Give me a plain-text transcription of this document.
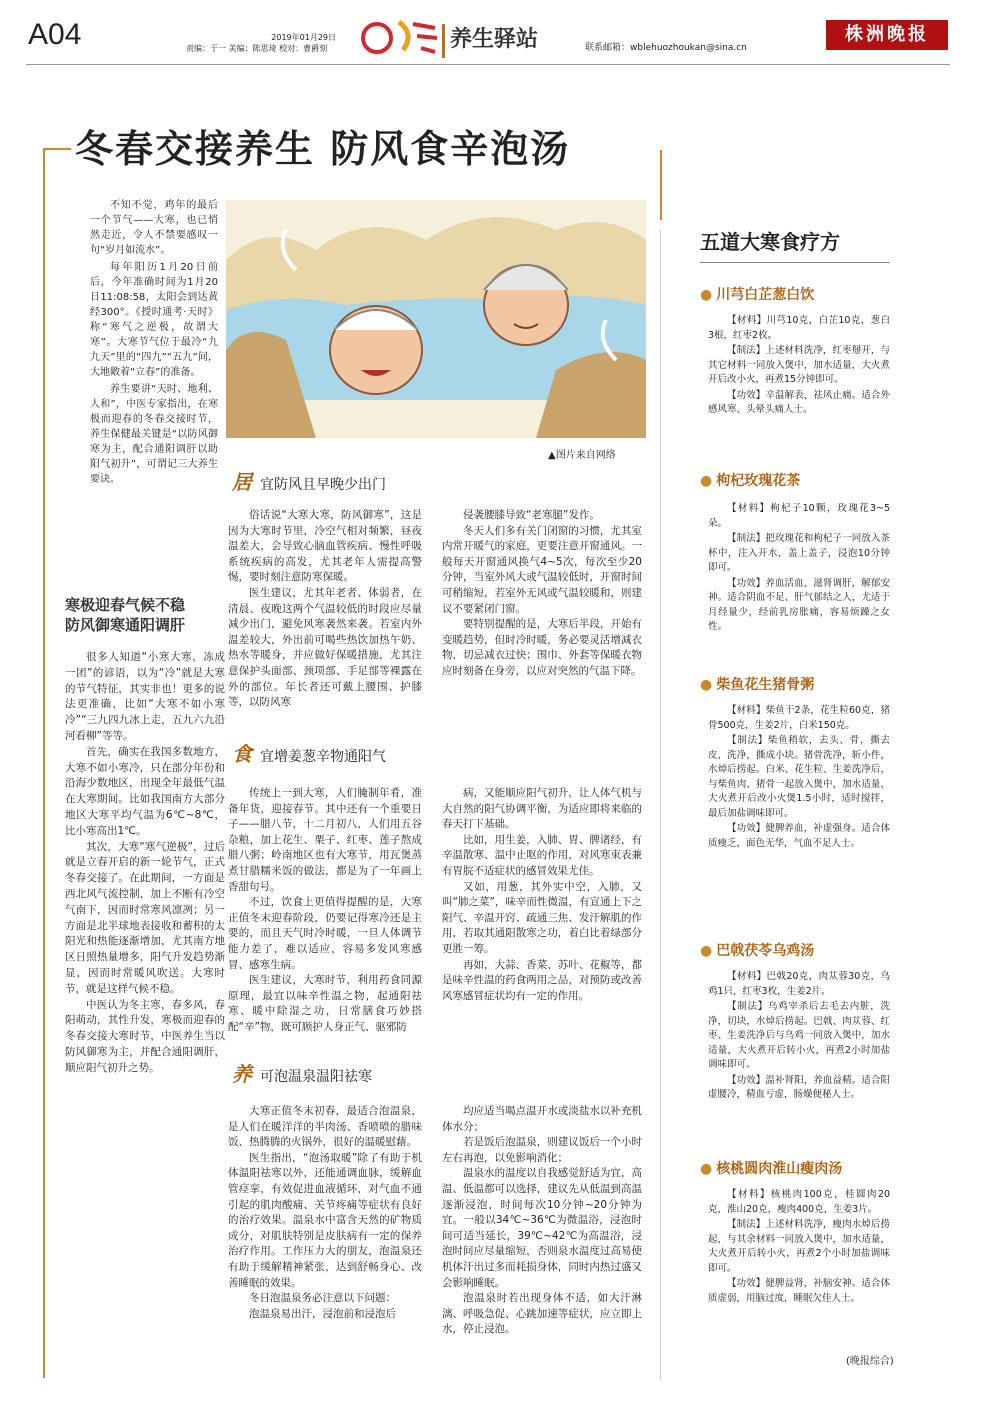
A04	2019年01月29日
责编：于一 美编：陈思琦 校对：曹爵刻
乐活
养生驿站	联系邮箱：wblehuozhoukan@sina.cn
株洲晚报
冬春交接养生 防风食辛泡汤

不知不觉，鸡年的最后一个节气——大寒，也已悄然走近，令人不禁要感叹一句“岁月如流水”。

每年阳历1月20日前后，今年准确时间为1月20日11:08:58，太阳会到达黄经300°。《授时通考·天时》称“寒气之逆极，故谓大寒”。大寒节气位于最冷“九九天”里的“四九”“五九”间，大地敞着“立春”的准备。

养生要讲“天时、地利、人和”，中医专家指出，在寒极而迎春的冬春交接时节，养生保健最关键是“以防风御寒为主，配合通阳调肝以助阳气初升”，可谓记三大养生要诀。

寒极迎春气候不稳
防风御寒通阳调肝

很多人知道“小寒大寒，冻成一团”的谚语，以为“冷”就是大寒的节气特征，其实非也！更多的说法更准确，比如“大寒不如小寒冷”“三九四九冰上走，五九六九沿河看柳”等等。

首先，确实在我国多数地方，大寒不如小寒冷，只在部分年份和沿海少数地区，出现全年最低气温在大寒期间。比如我国南方大部分地区大寒平均气温为6℃~8℃，比小寒高出1℃。

其次，大寒“寒气逆极”，过后就是立春开启的新一轮节气，正式冬春交接了。在此期间，一方面是西北风气流控制，加上不断有冷空气南下，因而时常寒风凛冽；另一方面是北半球地表接收和蓄积的太阳光和热能逐渐增加，尤其南方地区日照热量增多，阳气升发趋势渐显，因而时常暖风吹送。大寒时节，就是这样气候不稳。

中医认为冬主寒，春多风，春阳萌动，其性升发，寒极而迎春的冬春交接大寒时节，中医养生当以防风御寒为主，并配合通阳调肝，顺应阳气初升之势。

▲图片来自网络
居 宜防风且早晚少出门

俗话说“大寒大寒，防风御寒”，这是因为大寒时节里，冷空气相对频繁，昼夜温差大，会导致心脑血管疾病、慢性呼吸系统疾病的高发，尤其老年人需提高警惕，要时刻注意防寒保暖。

医生建议，尤其年老者、体弱者，在清晨、夜晚这两个气温较低的时段应尽量减少出门，避免风寒袭然来袭。若室内外温差较大，外出前可喝些热饮加热午奶、热水等暖身，并应做好保暖措施，尤其注意保护头面部、颈项部、手足部等裸露在外的部位。年长者还可戴上腰围、护膝等，以防风寒

侵袭腰膝导致“老寒腿”发作。

冬天人们多有关门闭窗的习惯，尤其室内常开暖气的家庭，更要注意开窗通风。一般每天开窗通风换气4~5次，每次至少20分钟，当室外风大或气温较低时，开窗时间可稍缩短，若室外无风或气温较暖和，则建议不要紧闭门窗。

要特别提醒的是，大寒后半段，开始有变暖趋势，但时冷时暖，务必要灵活增减衣物，切忌减衣过快；围巾、外套等保暖衣物应时刻备在身旁，以应对突然的气温下降。

食 宜增姜葱辛物通阳气

传统上一到大寒，人们腌制年肴，准备年货，迎接春节。其中还有一个重要日子——腊八节，十二月初八，人们用五谷杂粮，加上花生、栗子、红枣、莲子熬成腊八粥；岭南地区也有大寒节，用瓦煲蒸煮甘腊糯米饭的做法，都是为了一年画上香甜句号。

不过，饮食上更值得提醒的是，大寒正值冬末迎春阶段，仍要记得寒冷还是主要的，而且天气时冷时暖，一旦人体调节能力差了，难以适应，容易多发风寒感冒、感寒生病。

医生建议，大寒时节，利用药食同源原理，最宜以味辛性温之物，起通阳祛寒、暖中除湿之功，日常膳食巧妙搭配“辛”物，既可顾护人身正气、驱邪防

病，又能顺应阳气初升，让人体气机与大自然的阳气协调平衡，为适应即将来临的春天打下基础。

比如，用生姜，入肺、胃、脾诸经，有辛温散寒、温中止呕的作用，对风寒束表兼有胃脘不适症状的感冒效果尤佳。

又如，用葱，其外实中空，入肺，又叫“肺之菜”，味辛而性微温，有宣通上下之阳气、辛温开窍、疏通三焦、发汗解肌的作用，若取其通阳散寒之功，着白比着绿部分更胜一筹。

再如，大蒜、香菜、苏叶、花椒等，都是味辛性温的药食两用之品，对预防或改善风寒感冒症状均有一定的作用。

养 可泡温泉温阳祛寒

大寒正值冬末初春，最适合泡温泉，是人们在暖洋洋的半肉汤、香喷喷的腊味饭、热腾腾的火锅外，很好的温暖慰藉。

医生指出，“泡汤取暖”除了有助于机体温阳祛寒以外，还能通调血脉，缓解血管痉挛，有效促进血液循环，对气血不通引起的肌肉酸痛、关节疼痛等症状有良好的治疗效果。温泉水中富含天然的矿物质成分，对肌肤特别是皮肤病有一定的保养治疗作用。工作压力大的朋友，泡温泉还有助于缓解精神紧张，达到舒畅身心、改善睡眠的效果。

冬日泡温泉务必注意以下问题：

泡温泉易出汗，浸泡前和浸泡后

均应适当喝点温开水或淡盐水以补充机体水分；

若是饭后泡温泉，则建议饭后一个小时左右再泡，以免影响消化；

温泉水的温度以自我感觉舒适为宜，高温、低温都可以选择，建议先从低温到高温逐渐浸泡，时间每次10分钟~20分钟为宜。一般以34℃~36℃为微温浴，浸泡时间可适当延长，39℃~42℃为高温浴，浸泡时间应尽量缩短，否则泉水温度过高易使机体汗出过多而耗损身体，同时内热过盛又会影响睡眠。

泡温泉时若出现身体不适，如大汗淋漓、呼吸急促、心跳加速等症状，应立即上水，停止浸泡。

五道大寒食疗方
● 川芎白芷葱白饮

【材料】川芎10克，白芷10克，葱白3根，红枣2枚。

【制法】上述材料洗净，红枣掰开，与其它材料一同放入煲中，加水适量，大火煮开后改小火，再煮15分钟即可。

【功效】辛温解表，祛风止痛。适合外感风寒、头晕头痛人士。

● 枸杞玫瑰花茶

【材料】枸杞子10颗，玫瑰花3~5朵。

【制法】把玫瑰花和枸杞子一同放入茶杯中，注入开水，盖上盖子，浸泡10分钟即可。

【功效】养血活血，滋肾调肝，解郁安神。适合阴血不足、肝气郁结之人，尤适于月经量少，经前乳房胀痛，容易烦躁之女性。

● 柴鱼花生猪骨粥

【材料】柴鱼干2条，花生粒60克，猪骨500克，生姜2片，白米150克。

【制法】柴鱼稍软，去头、骨，撕去皮，洗净，撕成小块。猪骨洗净，斩小件，水焯后捞起。白米、花生粒、生姜洗净后，与柴鱼肉、猪骨一起放入煲中，加水适量，大火煮开后改小火煲1.5小时，适时搅拌，最后加盐调味即可。

【功效】健脾养血，补虚强身。适合体质瘦乏，面色无华，气血不足人士。

● 巴戟茯苓乌鸡汤

【材料】巴戟20克，肉苁蓉30克，乌鸡1只，红枣3枚，生姜2片。

【制法】乌鸡宰杀后去毛去内脏，洗净，切块，水焯后捞起。巴戟、肉苁蓉、红枣、生姜洗净后与乌鸡一同放入煲中，加水适量，大火煮开后转小火，再煮2小时加盐调味即可。

【功效】温补肾阳，养血益精。适合阳虚腰冷，精血亏虚，肠燥便秘人士。

● 核桃圆肉淮山瘦肉汤

【材料】核桃肉100克，桂圆肉20克，淮山20克，瘦肉400克，生姜3片。

【制法】上述材料洗净，瘦肉水焯后捞起，与其余材料一同放入煲中，加水适量，大火煮开后转小火，再煮2个小时加盐调味即可。

【功效】健脾益肾，补脑安神。适合体质虚弱，用脑过度，睡眠欠佳人士。

(晚报综合)
